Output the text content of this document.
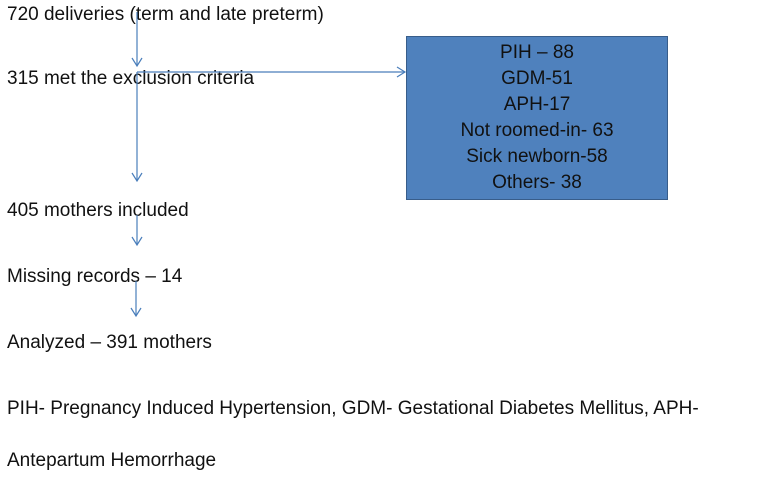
720 deliveries (term and late preterm)
315 met the exclusion criteria
405 mothers included
Missing records – 14
Analyzed – 391 mothers
PIH – 88
GDM-51
APH-17
Not roomed-in- 63
Sick newborn-58
Others- 38
PIH- Pregnancy Induced Hypertension, GDM- Gestational Diabetes Mellitus, APH-
Antepartum Hemorrhage
